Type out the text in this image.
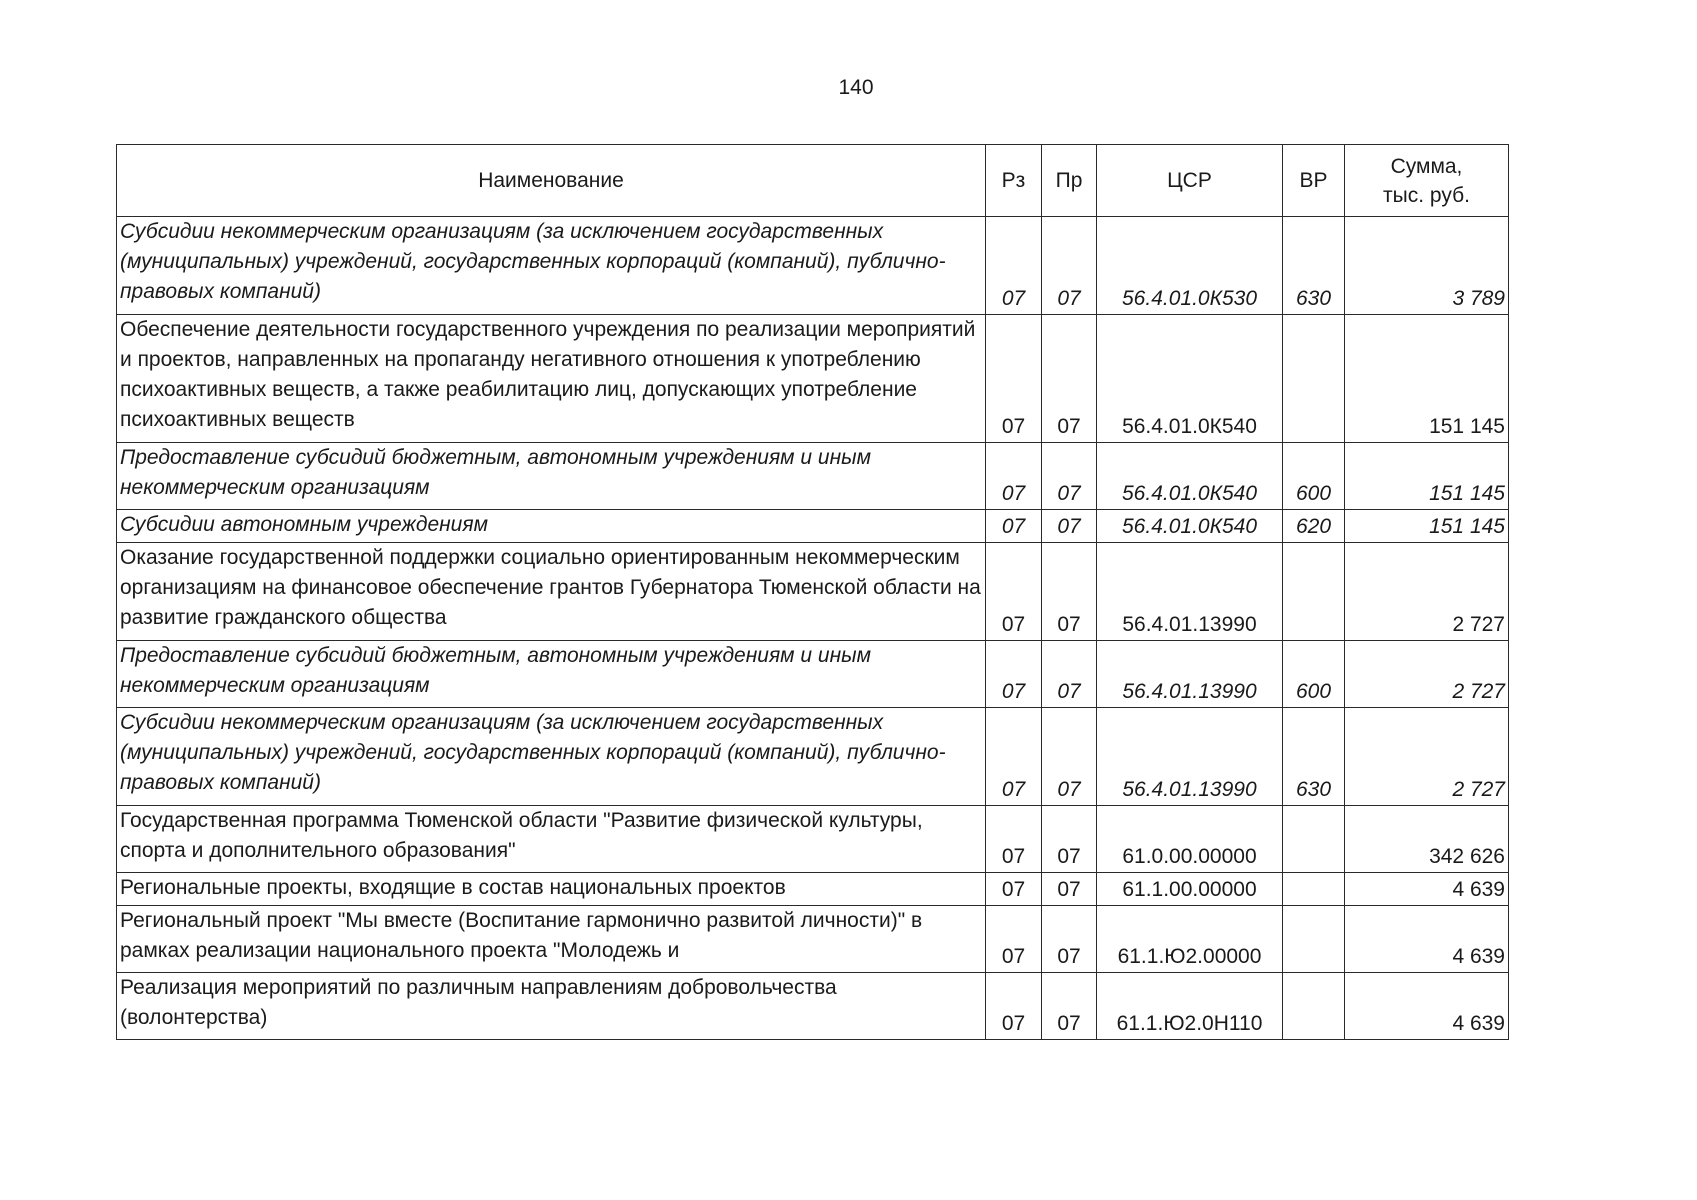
140
Наименование	Рз	Пр	ЦСР	ВР	Сумма,
тыс. руб.

Субсидии некоммерческим организациям (за исключением государственных (муниципальных) учреждений, государственных корпораций (компаний), публично-правовых компаний)	07	07	56.4.01.0К530	630	3 789
Обеспечение деятельности государственного учреждения по реализации мероприятий и проектов, направленных на пропаганду негативного отношения к употреблению психоактивных веществ, а также реабилитацию лиц, допускающих употребление психоактивных веществ	07	07	56.4.01.0К540		151 145
Предоставление субсидий бюджетным, автономным учреждениям и иным некоммерческим организациям	07	07	56.4.01.0К540	600	151 145
Субсидии автономным учреждениям	07	07	56.4.01.0К540	620	151 145
Оказание государственной поддержки социально ориентированным некоммерческим организациям на финансовое обеспечение грантов Губернатора Тюменской области на развитие гражданского общества	07	07	56.4.01.13990		2 727
Предоставление субсидий бюджетным, автономным учреждениям и иным некоммерческим организациям	07	07	56.4.01.13990	600	2 727
Субсидии некоммерческим организациям (за исключением государственных (муниципальных) учреждений, государственных корпораций (компаний), публично-правовых компаний)	07	07	56.4.01.13990	630	2 727
Государственная программа Тюменской области "Развитие физической культуры, спорта и дополнительного образования"	07	07	61.0.00.00000		342 626
Региональные проекты, входящие в состав национальных проектов	07	07	61.1.00.00000		4 639
Региональный проект "Мы вместе (Воспитание гармонично развитой личности)" в рамках реализации национального проекта "Молодежь и	07	07	61.1.Ю2.00000		4 639
Реализация мероприятий по различным направлениям добровольчества (волонтерства)	07	07	61.1.Ю2.0Н110		4 639
